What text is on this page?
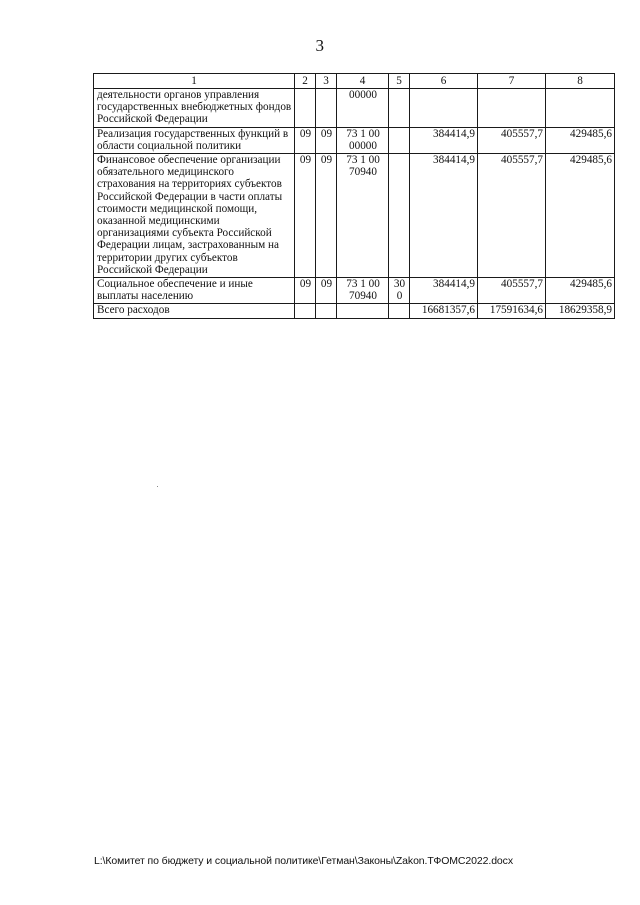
3
1	2	3	4	5	6	7	8
деятельности органов управления государственных внебюджетных фондов Российской Федерации			00000				
Реализация государственных функций в области социальной политики	09	09	73 1 00 00000		384414,9	405557,7	429485,6
Финансовое обеспечение организации обязательного медицинского страхования на территориях субъектов Российской Федерации в части оплаты стоимости медицинской помощи, оказанной медицинскими организациями субъекта Российской Федерации лицам, застрахованным на территории других субъектов Российской Федерации	09	09	73 1 00 70940		384414,9	405557,7	429485,6
Социальное обеспечение и иные выплаты населению	09	09	73 1 00 70940	300	384414,9	405557,7	429485,6
Всего расходов					16681357,6	17591634,6	18629358,9
L:\Комитет по бюджету и социальной политике\Гетман\Законы\Zakon.ТФОМС2022.docx
